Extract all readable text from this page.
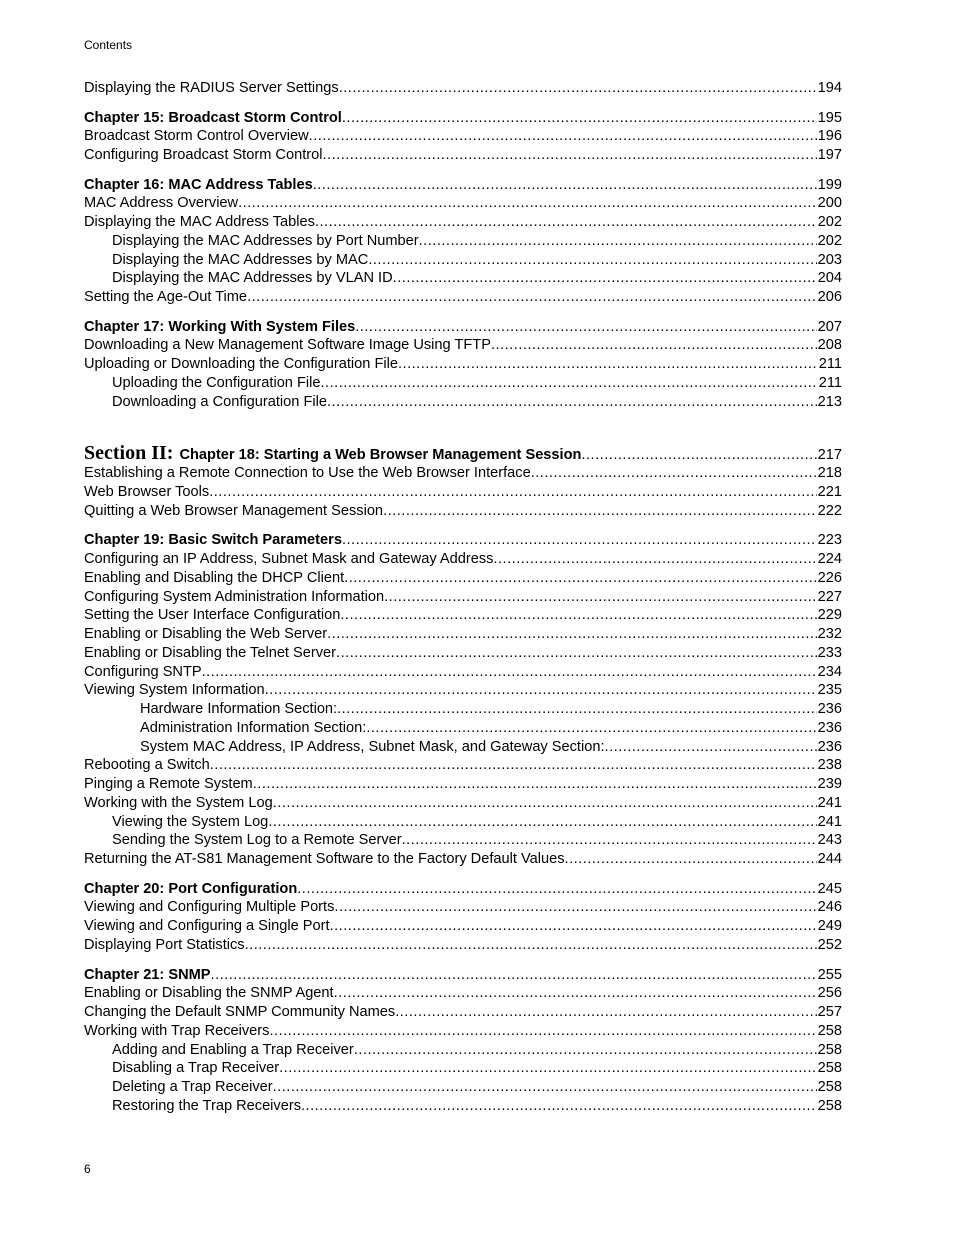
Contents
Displaying the RADIUS Server Settings .....	194
Chapter 15: Broadcast Storm Control .....	195
Broadcast Storm Control Overview .....	196
Configuring Broadcast Storm Control .....	197
Chapter 16: MAC Address Tables .....	199
MAC Address Overview .....	200
Displaying the MAC Address Tables .....	202
Displaying the MAC Addresses by Port Number .....	202
Displaying the MAC Addresses by MAC .....	203
Displaying the MAC Addresses by VLAN ID .....	204
Setting the Age-Out Time .....	206
Chapter 17: Working With System Files .....	207
Downloading a New Management Software Image Using TFTP .....	208
Uploading or Downloading the Configuration File .....	211
Uploading the Configuration File .....	211
Downloading a Configuration File .....	213
Section II: Chapter 18: Starting a Web Browser Management Session .....	217
Establishing a Remote Connection to Use the Web Browser Interface .....	218
Web Browser Tools .....	221
Quitting a Web Browser Management Session .....	222
Chapter 19: Basic Switch Parameters .....	223
Configuring an IP Address, Subnet Mask and Gateway Address .....	224
Enabling and Disabling the DHCP Client .....	226
Configuring System Administration Information .....	227
Setting the User Interface Configuration .....	229
Enabling or Disabling the Web Server .....	232
Enabling or Disabling the Telnet Server .....	233
Configuring SNTP .....	234
Viewing System Information .....	235
Hardware Information Section: .....	236
Administration Information Section: .....	236
System MAC Address, IP Address, Subnet Mask, and Gateway Section: .....	236
Rebooting a Switch .....	238
Pinging a Remote System .....	239
Working with the System Log .....	241
Viewing the System Log .....	241
Sending the System Log to a Remote Server .....	243
Returning the AT-S81 Management Software to the Factory Default Values .....	244
Chapter 20: Port Configuration .....	245
Viewing and Configuring Multiple Ports .....	246
Viewing and Configuring a Single Port .....	249
Displaying Port Statistics .....	252
Chapter 21: SNMP .....	255
Enabling or Disabling the SNMP Agent .....	256
Changing the Default SNMP Community Names .....	257
Working with Trap Receivers .....	258
Adding and Enabling a Trap Receiver .....	258
Disabling a Trap Receiver .....	258
Deleting a Trap Receiver .....	258
Restoring the Trap Receivers .....	258
6
